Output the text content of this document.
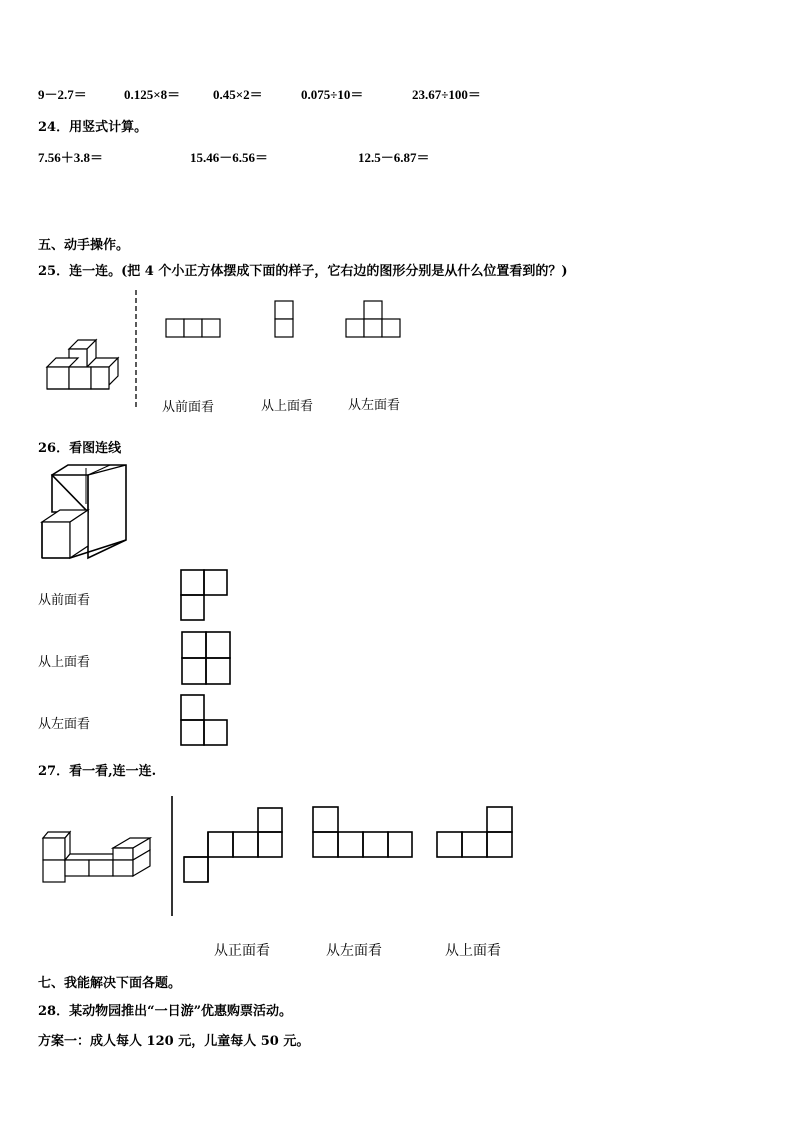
9－2.7＝	0.125×8＝	0.45×2＝	0.075÷10＝	23.67÷100＝
24．用竖式计算。
7.56＋3.8＝	15.46－6.56＝	12.5－6.87＝
五、动手操作。
25．连一连。(把 4 个小正方体摆成下面的样子，它右边的图形分别是从什么位置看到的？)
从前面看	从上面看	从左面看
26．看图连线
从前面看
从上面看
从左面看
27．看一看,连一连.
从正面看	从左面看	从上面看
七、我能解决下面各题。
28．某动物园推出“一日游”优惠购票活动。
方案一：成人每人 120 元，儿童每人 50 元。
